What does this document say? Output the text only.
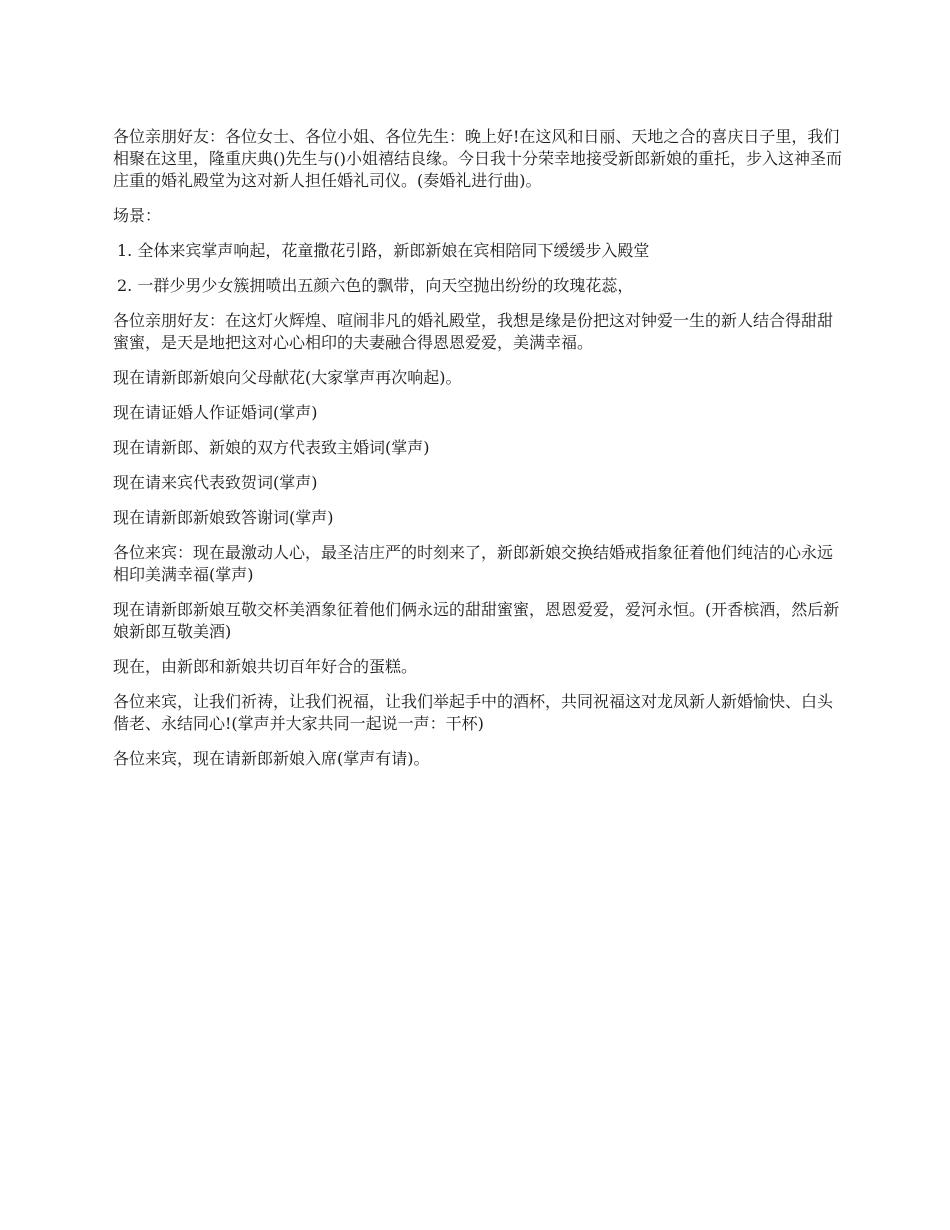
各位亲朋好友：各位女士、各位小姐、各位先生：晚上好!在这风和日丽、天地之合的喜庆日子里，我们相聚在这里，隆重庆典()先生与()小姐禧结良缘。今日我十分荣幸地接受新郎新娘的重托，步入这神圣而庄重的婚礼殿堂为这对新人担任婚礼司仪。(奏婚礼进行曲)。

场景：

1. 全体来宾掌声响起，花童撒花引路，新郎新娘在宾相陪同下缓缓步入殿堂

2. 一群少男少女簇拥喷出五颜六色的飘带，向天空抛出纷纷的玫瑰花蕊，

各位亲朋好友：在这灯火辉煌、喧闹非凡的婚礼殿堂，我想是缘是份把这对钟爱一生的新人结合得甜甜蜜蜜，是天是地把这对心心相印的夫妻融合得恩恩爱爱，美满幸福。

现在请新郎新娘向父母献花(大家掌声再次响起)。

现在请证婚人作证婚词(掌声)

现在请新郎、新娘的双方代表致主婚词(掌声)

现在请来宾代表致贺词(掌声)

现在请新郎新娘致答谢词(掌声)

各位来宾：现在最激动人心，最圣洁庄严的时刻来了，新郎新娘交换结婚戒指象征着他们纯洁的心永远相印美满幸福(掌声)

现在请新郎新娘互敬交杯美酒象征着他们俩永远的甜甜蜜蜜，恩恩爱爱，爱河永恒。(开香槟酒，然后新娘新郎互敬美酒)

现在，由新郎和新娘共切百年好合的蛋糕。

各位来宾，让我们祈祷，让我们祝福，让我们举起手中的酒杯，共同祝福这对龙凤新人新婚愉快、白头偕老、永结同心!(掌声并大家共同一起说一声：干杯)

各位来宾，现在请新郎新娘入席(掌声有请)。
